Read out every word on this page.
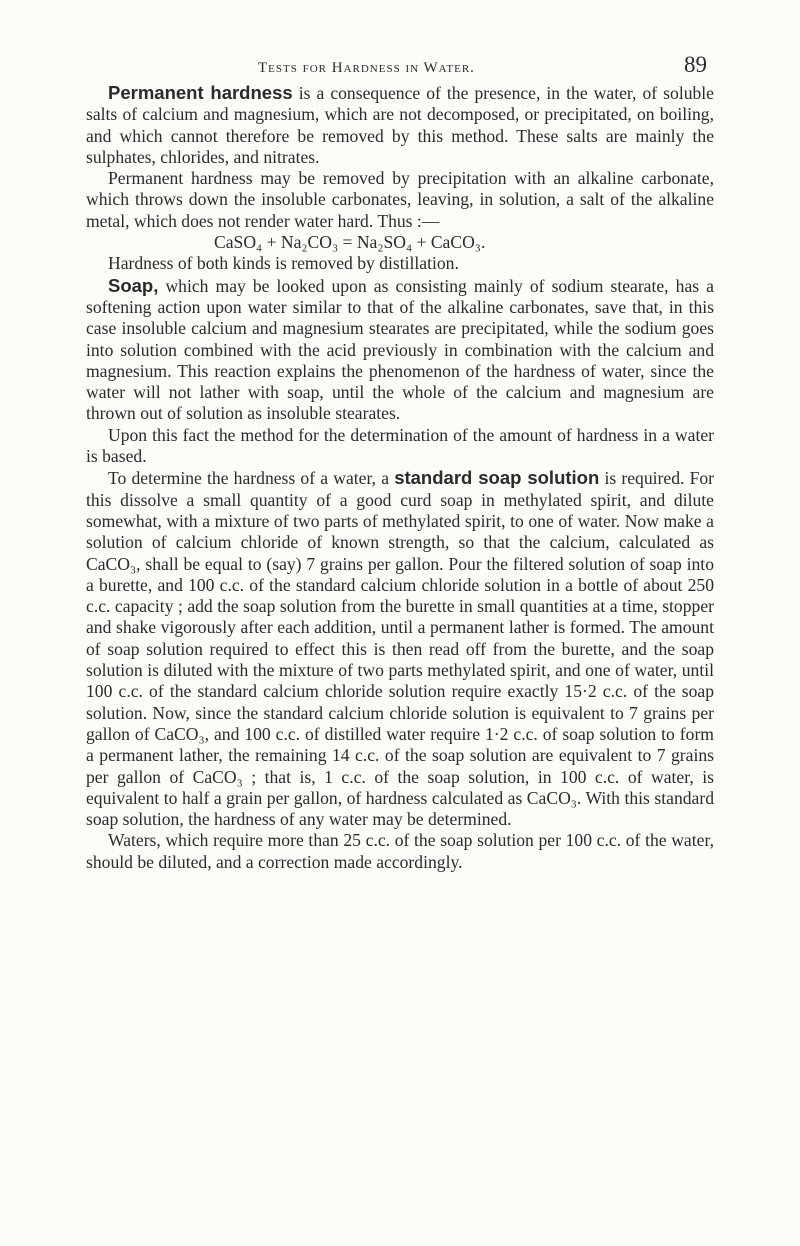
Tests for Hardness in Water.	89

Permanent hardness is a consequence of the presence, in the water, of soluble salts of calcium and magnesium, which are not decomposed, or precipitated, on boiling, and which cannot therefore be removed by this method. These salts are mainly the sulphates, chlorides, and nitrates.

Permanent hardness may be removed by precipitation with an alkaline carbonate, which throws down the insoluble carbonates, leaving, in solution, a salt of the alkaline metal, which does not render water hard. Thus :—

CaSO₄ + Na₂CO₃ = Na₂SO₄ + CaCO₃.

Hardness of both kinds is removed by distillation.

Soap, which may be looked upon as consisting mainly of sodium stearate, has a softening action upon water similar to that of the alkaline carbonates, save that, in this case insoluble calcium and magnesium stearates are precipitated, while the sodium goes into solution combined with the acid previously in combination with the calcium and magnesium. This reaction explains the phenomenon of the hardness of water, since the water will not lather with soap, until the whole of the calcium and magnesium are thrown out of solution as insoluble stearates.

Upon this fact the method for the determination of the amount of hardness in a water is based.

To determine the hardness of a water, a standard soap solution is required. For this dissolve a small quantity of a good curd soap in methylated spirit, and dilute somewhat, with a mixture of two parts of methylated spirit, to one of water. Now make a solution of calcium chloride of known strength, so that the calcium, calculated as CaCO₃, shall be equal to (say) 7 grains per gallon. Pour the filtered solution of soap into a burette, and 100 c.c. of the standard calcium chloride solution in a bottle of about 250 c.c. capacity ; add the soap solution from the burette in small quantities at a time, stopper and shake vigorously after each addition, until a permanent lather is formed. The amount of soap solution required to effect this is then read off from the burette, and the soap solution is diluted with the mixture of two parts methylated spirit, and one of water, until 100 c.c. of the standard calcium chloride solution require exactly 15·2 c.c. of the soap solution. Now, since the standard calcium chloride solution is equivalent to 7 grains per gallon of CaCO₃, and 100 c.c. of distilled water require 1·2 c.c. of soap solution to form a permanent lather, the remaining 14 c.c. of the soap solution are equivalent to 7 grains per gallon of CaCO₃ ; that is, 1 c.c. of the soap solution, in 100 c.c. of water, is equivalent to half a grain per gallon, of hardness calculated as CaCO₃. With this standard soap solution, the hardness of any water may be determined.

Waters, which require more than 25 c.c. of the soap solution per 100 c.c. of the water, should be diluted, and a correction made accordingly.
